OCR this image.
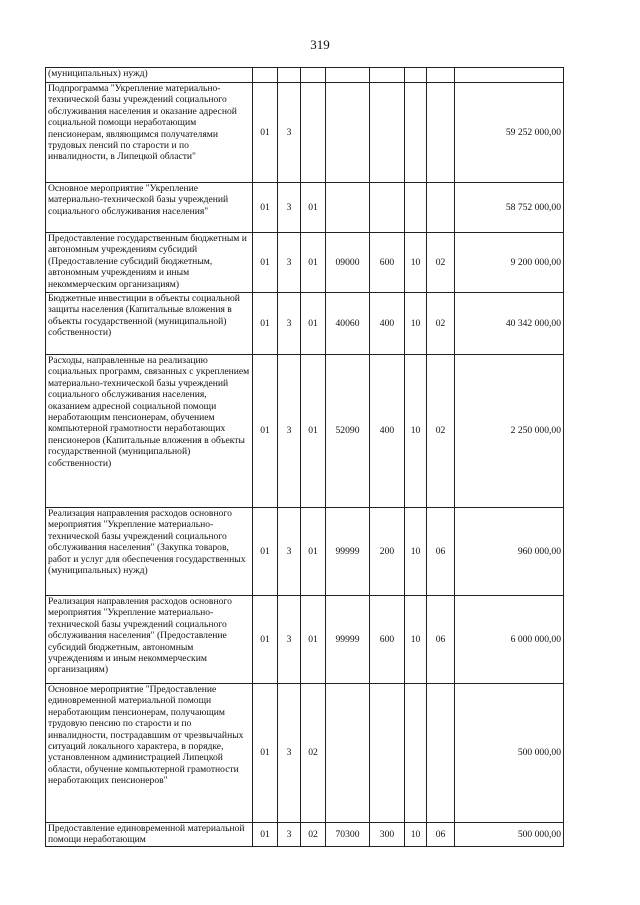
319
(муниципальных) нужд)								
Подпрограмма "Укрепление материально-технической базы учреждений социального обслуживания населения и оказание адресной социальной помощи неработающим пенсионерам, являющимся получателями трудовых пенсий по старости и по инвалидности, в Липецкой области"	01	3						59 252 000,00
Основное мероприятие "Укрепление материально-технической базы учреждений социального обслуживания населения"	01	3	01					58 752 000,00
Предоставление государственным бюджетным и автономным учреждениям субсидий (Предоставление субсидий бюджетным, автономным учреждениям и иным некоммерческим организациям)	01	3	01	09000	600	10	02	9 200 000,00
Бюджетные инвестиции в объекты социальной защиты населения (Капитальные вложения в объекты государственной (муниципальной) собственности)	01	3	01	40060	400	10	02	40 342 000,00
Расходы, направленные на реализацию социальных программ, связанных с укреплением материально-технической базы учреждений социального обслуживания населения, оказанием адресной социальной помощи неработающим пенсионерам, обучением компьютерной грамотности неработающих пенсионеров (Капитальные вложения в объекты государственной (муниципальной) собственности)	01	3	01	52090	400	10	02	2 250 000,00
Реализация направления расходов основного мероприятия "Укрепление материально-технической базы учреждений социального обслуживания населения" (Закупка товаров, работ и услуг для обеспечения государственных (муниципальных) нужд)	01	3	01	99999	200	10	06	960 000,00
Реализация направления расходов основного мероприятия "Укрепление материально-технической базы учреждений социального обслуживания населения" (Предоставление субсидий бюджетным, автономным учреждениям и иным некоммерческим организациям)	01	3	01	99999	600	10	06	6 000 000,00
Основное мероприятие "Предоставление единовременной материальной помощи неработающим пенсионерам, получающим трудовую пенсию по старости и по инвалидности, пострадавшим от чрезвычайных ситуаций локального характера, в порядке, установленном администрацией Липецкой области, обучение компьютерной грамотности неработающих пенсионеров"	01	3	02					500 000,00
Предоставление единовременной материальной помощи неработающим	01	3	02	70300	300	10	06	500 000,00
